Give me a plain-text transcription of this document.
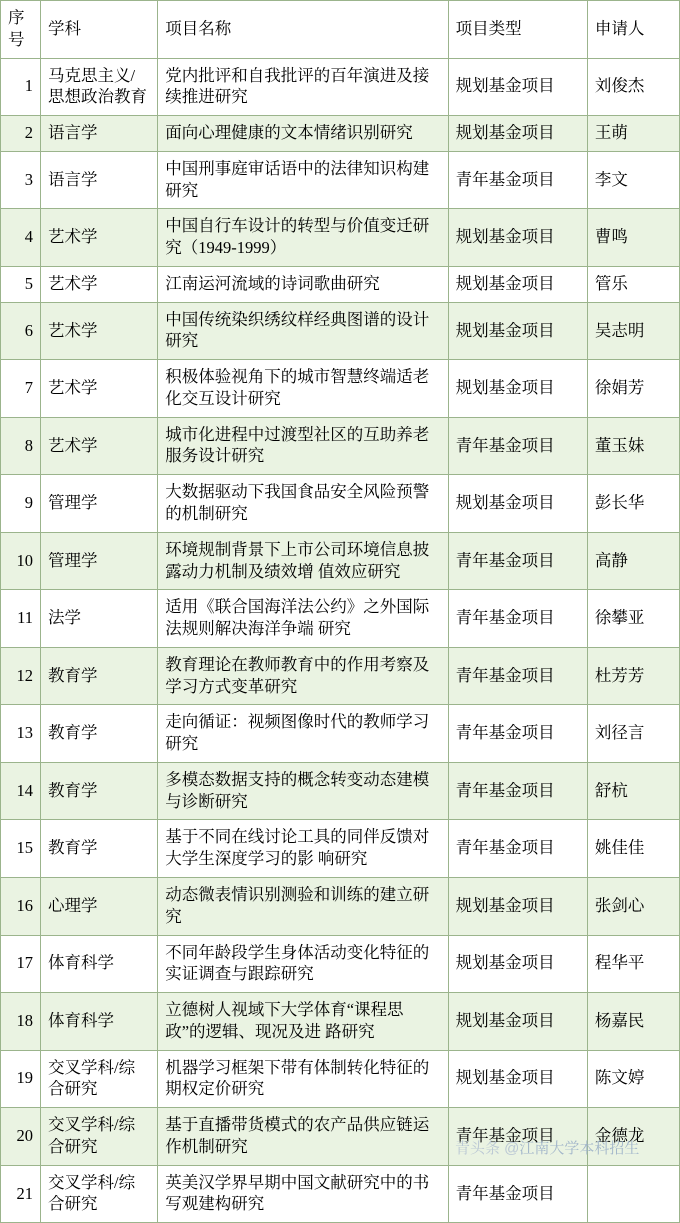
序号	学科	项目名称	项目类型	申请人
1	马克思主义/思想政治教育	党内批评和自我批评的百年演进及接续推进研究	规划基金项目	刘俊杰
2	语言学	面向心理健康的文本情绪识别研究	规划基金项目	王萌
3	语言学	中国刑事庭审话语中的法律知识构建研究	青年基金项目	李文
4	艺术学	中国自行车设计的转型与价值变迁研究（1949-1999）	规划基金项目	曹鸣
5	艺术学	江南运河流域的诗词歌曲研究	规划基金项目	管乐
6	艺术学	中国传统染织绣纹样经典图谱的设计研究	规划基金项目	吴志明
7	艺术学	积极体验视角下的城市智慧终端适老化交互设计研究	规划基金项目	徐娟芳
8	艺术学	城市化进程中过渡型社区的互助养老服务设计研究	青年基金项目	董玉妹
9	管理学	大数据驱动下我国食品安全风险预警的机制研究	规划基金项目	彭长华
10	管理学	环境规制背景下上市公司环境信息披露动力机制及绩效增 值效应研究	青年基金项目	高静
11	法学	适用《联合国海洋法公约》之外国际法规则解决海洋争端 研究	青年基金项目	徐攀亚
12	教育学	教育理论在教师教育中的作用考察及学习方式变革研究	青年基金项目	杜芳芳
13	教育学	走向循证：视频图像时代的教师学习研究	青年基金项目	刘径言
14	教育学	多模态数据支持的概念转变动态建模与诊断研究	青年基金项目	舒杭
15	教育学	基于不同在线讨论工具的同伴反馈对大学生深度学习的影 响研究	青年基金项目	姚佳佳
16	心理学	动态微表情识别测验和训练的建立研究	规划基金项目	张剑心
17	体育科学	不同年龄段学生身体活动变化特征的实证调查与跟踪研究	规划基金项目	程华平
18	体育科学	立德树人视域下大学体育“课程思政”的逻辑、现况及进 路研究	规划基金项目	杨嘉民
19	交叉学科/综合研究	机器学习框架下带有体制转化特征的期权定价研究	规划基金项目	陈文婷
20	交叉学科/综合研究	基于直播带货模式的农产品供应链运作机制研究	青年基金项目	金德龙
21	交叉学科/综合研究	英美汉学界早期中国文献研究中的书写观建构研究	青年基金项目	
青头条 @江南大学本科招生
